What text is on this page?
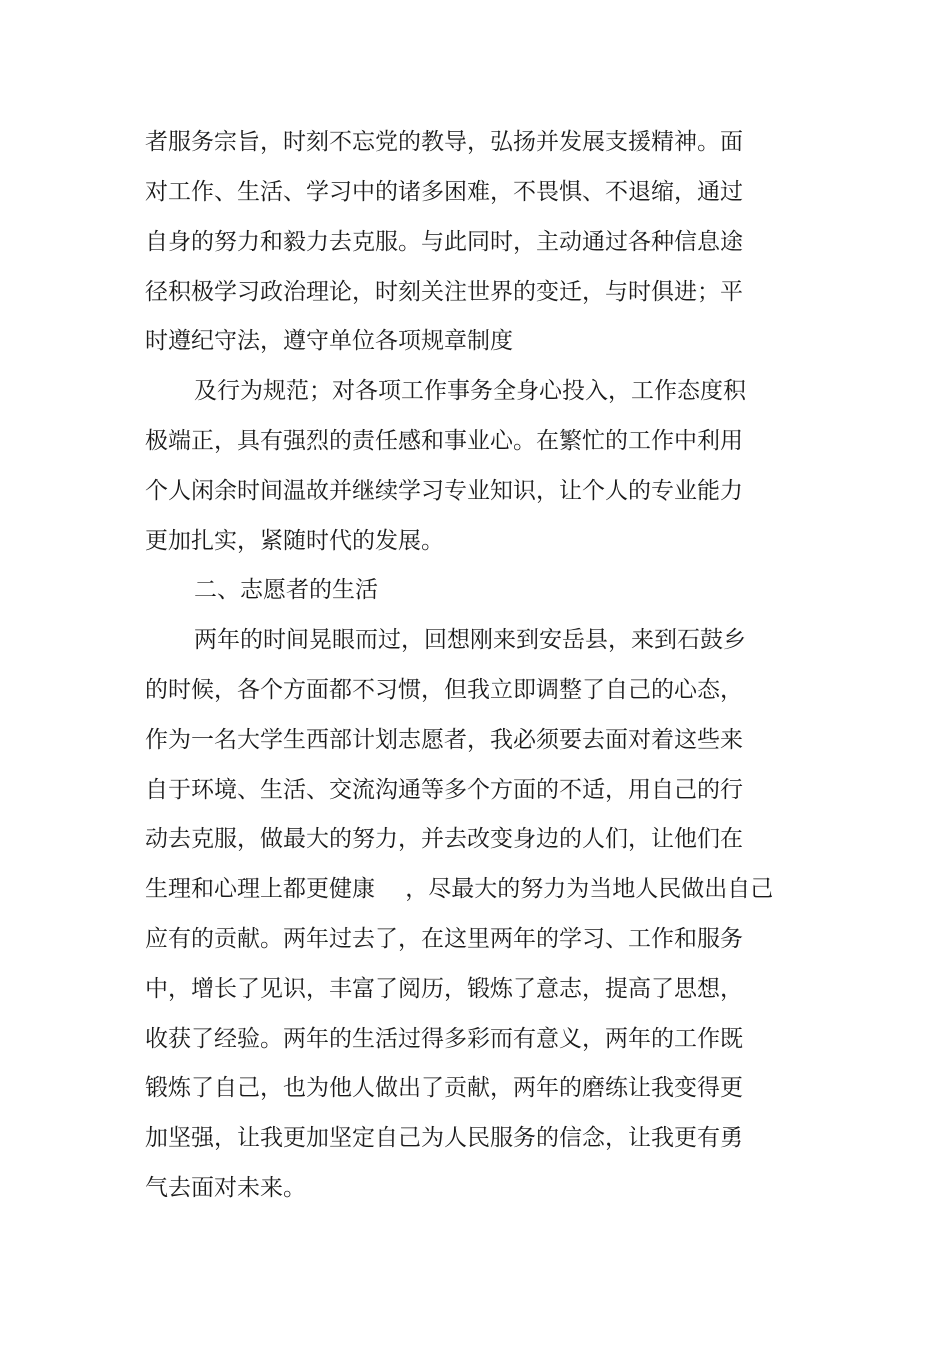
者服务宗旨，时刻不忘党的教导，弘扬并发展支援精神。面
对工作、生活、学习中的诸多困难，不畏惧、不退缩，通过
自身的努力和毅力去克服。与此同时，主动通过各种信息途
径积极学习政治理论，时刻关注世界的变迁，与时俱进；平
时遵纪守法，遵守单位各项规章制度
及行为规范；对各项工作事务全身心投入，工作态度积
极端正，具有强烈的责任感和事业心。在繁忙的工作中利用
个人闲余时间温故并继续学习专业知识，让个人的专业能力
更加扎实，紧随时代的发展。
二、志愿者的生活
两年的时间晃眼而过，回想刚来到安岳县，来到石鼓乡
的时候，各个方面都不习惯，但我立即调整了自己的心态，
作为一名大学生西部计划志愿者，我必须要去面对着这些来
自于环境、生活、交流沟通等多个方面的不适，用自己的行
动去克服，做最大的努力，并去改变身边的人们，让他们在
生理和心理上都更健康　 ，尽最大的努力为当地人民做出自己
应有的贡献。两年过去了，在这里两年的学习、工作和服务
中，增长了见识，丰富了阅历，锻炼了意志，提高了思想，
收获了经验。两年的生活过得多彩而有意义，两年的工作既
锻炼了自己，也为他人做出了贡献，两年的磨练让我变得更
加坚强，让我更加坚定自己为人民服务的信念，让我更有勇
气去面对未来。
